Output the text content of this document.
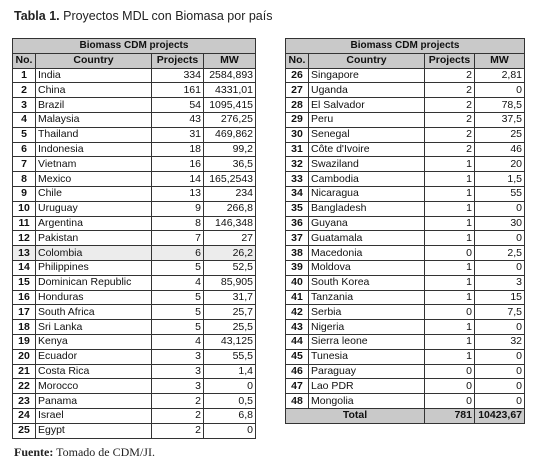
Tabla 1. Proyectos MDL con Biomasa por país
Biomass CDM projects			
No.	Country	Projects	MW
1	India	334	2584,893
2	China	161	4331,01
3	Brazil	54	1095,415
4	Malaysia	43	276,25
5	Thailand	31	469,862
6	Indonesia	18	99,2
7	Vietnam	16	36,5
8	Mexico	14	165,2543
9	Chile	13	234
10	Uruguay	9	266,8
11	Argentina	8	146,348
12	Pakistan	7	27
13	Colombia	6	26,2
14	Philippines	5	52,5
15	Dominican Republic	4	85,905
16	Honduras	5	31,7
17	South Africa	5	25,7
18	Sri Lanka	5	25,5
19	Kenya	4	43,125
20	Ecuador	3	55,5
21	Costa Rica	3	1,4
22	Morocco	3	0
23	Panama	2	0,5
24	Israel	2	6,8
25	Egypt	2	0
Biomass CDM projects			
No.	Country	Projects	MW
26	Singapore	2	2,81
27	Uganda	2	0
28	El Salvador	2	78,5
29	Peru	2	37,5
30	Senegal	2	25
31	Côte d'Ivoire	2	46
32	Swaziland	1	20
33	Cambodia	1	1,5
34	Nicaragua	1	55
35	Bangladesh	1	0
36	Guyana	1	30
37	Guatamala	1	0
38	Macedonia	0	2,5
39	Moldova	1	0
40	South Korea	1	3
41	Tanzania	1	15
42	Serbia	0	7,5
43	Nigeria	1	0
44	Sierra leone	1	32
45	Tunesia	1	0
46	Paraguay	0	0
47	Lao PDR	0	0
48	Mongolia	0	0
Total		781	10423,67
Fuente: Tomado de CDM/JI.
